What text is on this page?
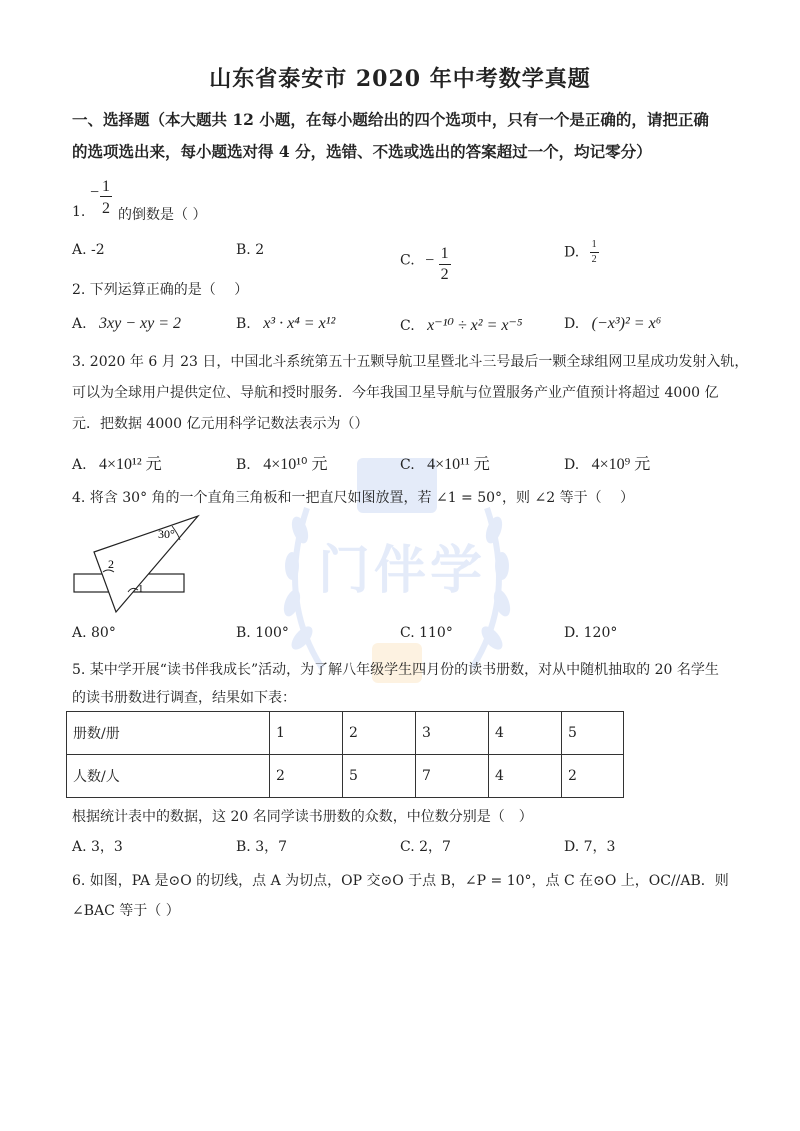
门伴学
山东省泰安市 2020 年中考数学真题
一、选择题（本大题共 12 小题，在每小题给出的四个选项中，只有一个是正确的，请把正确
的选项选出来，每小题选对得 4 分，选错、不选或选出的答案超过一个，均记零分）
1.
− 1
2 的倒数是（ ）
A. -2	B. 2
C. − $\frac{1}{2}$	D. $\frac{1}{2}$
2. 下列运算正确的是（　 ）
A. 3xy − xy = 2	B. x³ · x⁴ = x¹²	C. x⁻¹⁰ ÷ x² = x⁻⁵	D. (−x³)² = x⁶
3. 2020 年 6 月 23 日，中国北斗系统第五十五颗导航卫星暨北斗三号最后一颗全球组网卫星成功发射入轨，
可以为全球用户提供定位、导航和授时服务．今年我国卫星导航与位置服务产业产值预计将超过 4000 亿
元．把数据 4000 亿元用科学记数法表示为（）
A. 4×10¹² 元	B. 4×10¹⁰ 元	C. 4×10¹¹ 元	D. 4×10⁹ 元
4. 将含 30° 角的一个直角三角板和一把直尺如图放置，若 ∠1 = 50°，则 ∠2 等于（　 ）
30°
2
1
A. 80°	B. 100°	C. 110°	D. 120°
5. 某中学开展“读书伴我成长”活动，为了解八年级学生四月份的读书册数，对从中随机抽取的 20 名学生
的读书册数进行调查，结果如下表：
册数/册	1	2	3	4	5
人数/人	2	5	7	4	2
根据统计表中的数据，这 20 名同学读书册数的众数，中位数分别是（　）
A. 3，3	B. 3，7	C. 2，7	D. 7，3
6. 如图，PA 是⊙O 的切线，点 A 为切点，OP 交⊙O 于点 B，∠P = 10°，点 C 在⊙O 上，OC//AB．则
∠BAC 等于（ ）
